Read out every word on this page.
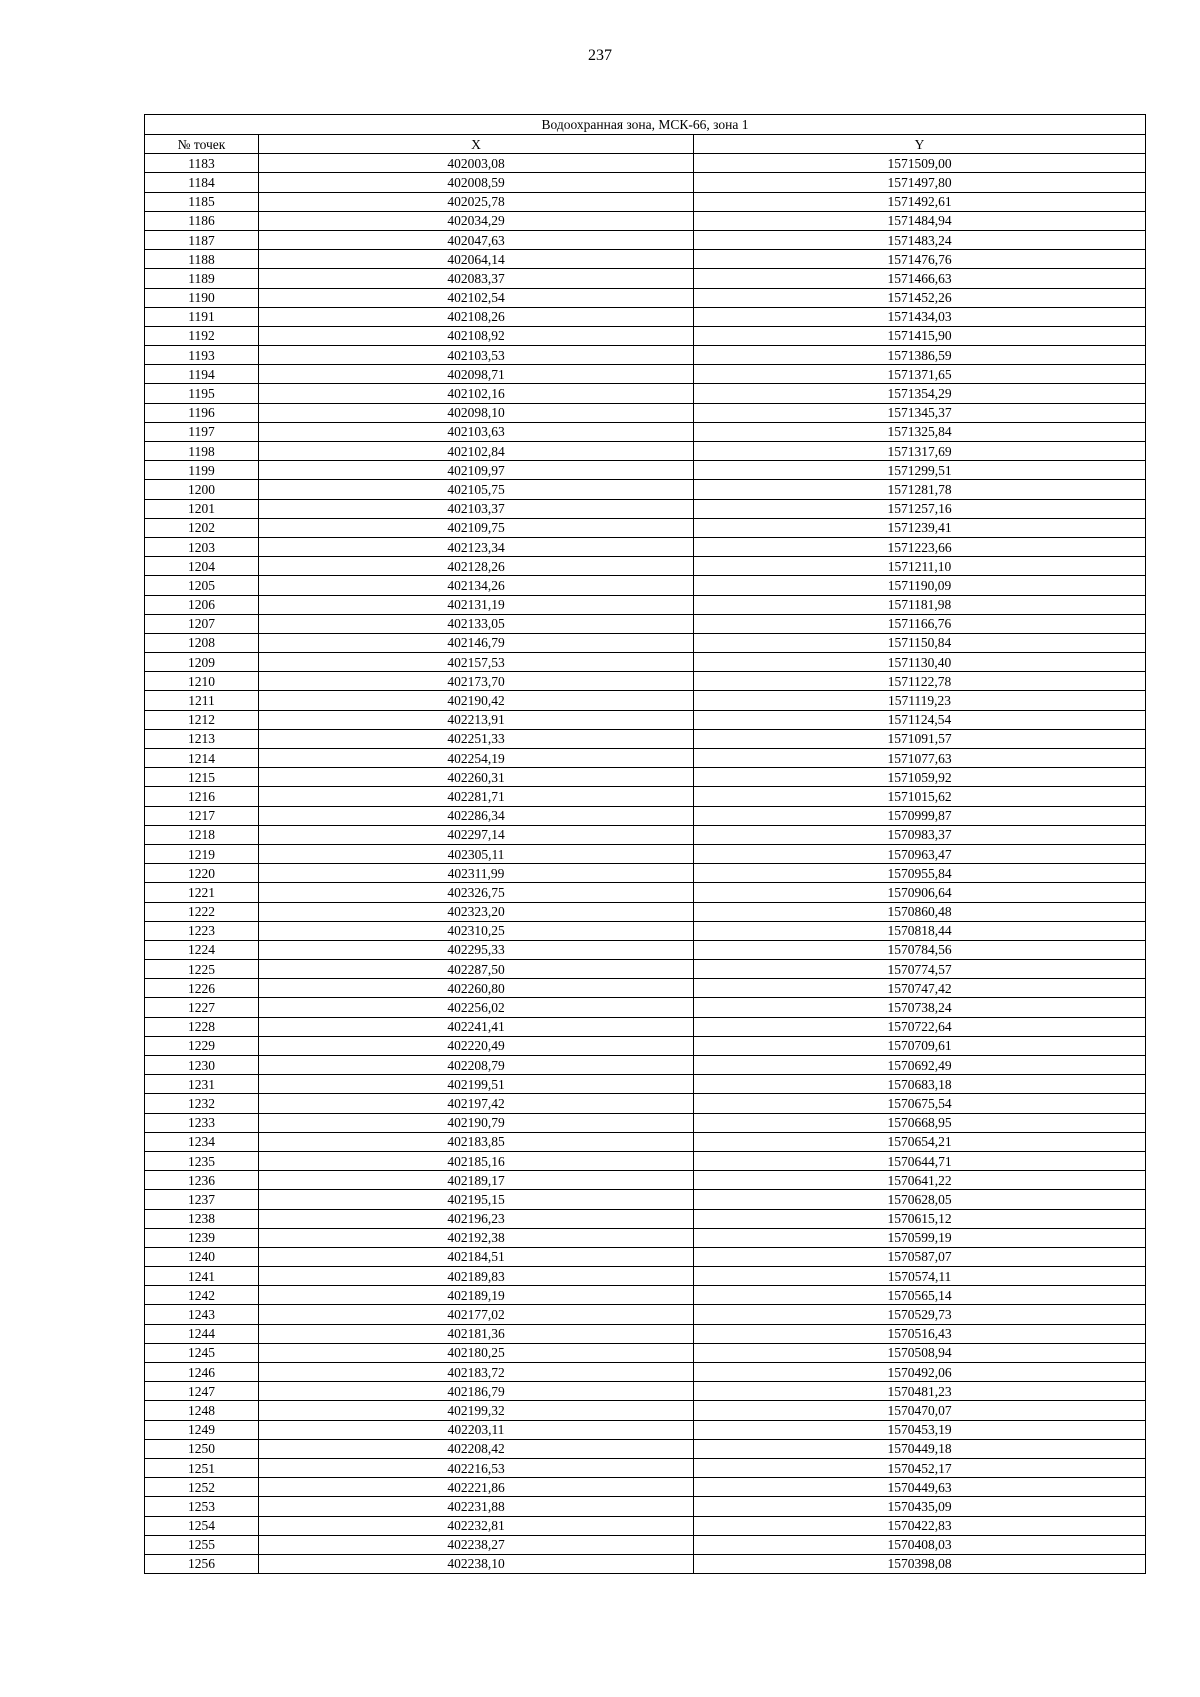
237
Водоохранная зона, МСК-66, зона 1		
№ точек	X	Y
1183	402003,08	1571509,00
1184	402008,59	1571497,80
1185	402025,78	1571492,61
1186	402034,29	1571484,94
1187	402047,63	1571483,24
1188	402064,14	1571476,76
1189	402083,37	1571466,63
1190	402102,54	1571452,26
1191	402108,26	1571434,03
1192	402108,92	1571415,90
1193	402103,53	1571386,59
1194	402098,71	1571371,65
1195	402102,16	1571354,29
1196	402098,10	1571345,37
1197	402103,63	1571325,84
1198	402102,84	1571317,69
1199	402109,97	1571299,51
1200	402105,75	1571281,78
1201	402103,37	1571257,16
1202	402109,75	1571239,41
1203	402123,34	1571223,66
1204	402128,26	1571211,10
1205	402134,26	1571190,09
1206	402131,19	1571181,98
1207	402133,05	1571166,76
1208	402146,79	1571150,84
1209	402157,53	1571130,40
1210	402173,70	1571122,78
1211	402190,42	1571119,23
1212	402213,91	1571124,54
1213	402251,33	1571091,57
1214	402254,19	1571077,63
1215	402260,31	1571059,92
1216	402281,71	1571015,62
1217	402286,34	1570999,87
1218	402297,14	1570983,37
1219	402305,11	1570963,47
1220	402311,99	1570955,84
1221	402326,75	1570906,64
1222	402323,20	1570860,48
1223	402310,25	1570818,44
1224	402295,33	1570784,56
1225	402287,50	1570774,57
1226	402260,80	1570747,42
1227	402256,02	1570738,24
1228	402241,41	1570722,64
1229	402220,49	1570709,61
1230	402208,79	1570692,49
1231	402199,51	1570683,18
1232	402197,42	1570675,54
1233	402190,79	1570668,95
1234	402183,85	1570654,21
1235	402185,16	1570644,71
1236	402189,17	1570641,22
1237	402195,15	1570628,05
1238	402196,23	1570615,12
1239	402192,38	1570599,19
1240	402184,51	1570587,07
1241	402189,83	1570574,11
1242	402189,19	1570565,14
1243	402177,02	1570529,73
1244	402181,36	1570516,43
1245	402180,25	1570508,94
1246	402183,72	1570492,06
1247	402186,79	1570481,23
1248	402199,32	1570470,07
1249	402203,11	1570453,19
1250	402208,42	1570449,18
1251	402216,53	1570452,17
1252	402221,86	1570449,63
1253	402231,88	1570435,09
1254	402232,81	1570422,83
1255	402238,27	1570408,03
1256	402238,10	1570398,08
